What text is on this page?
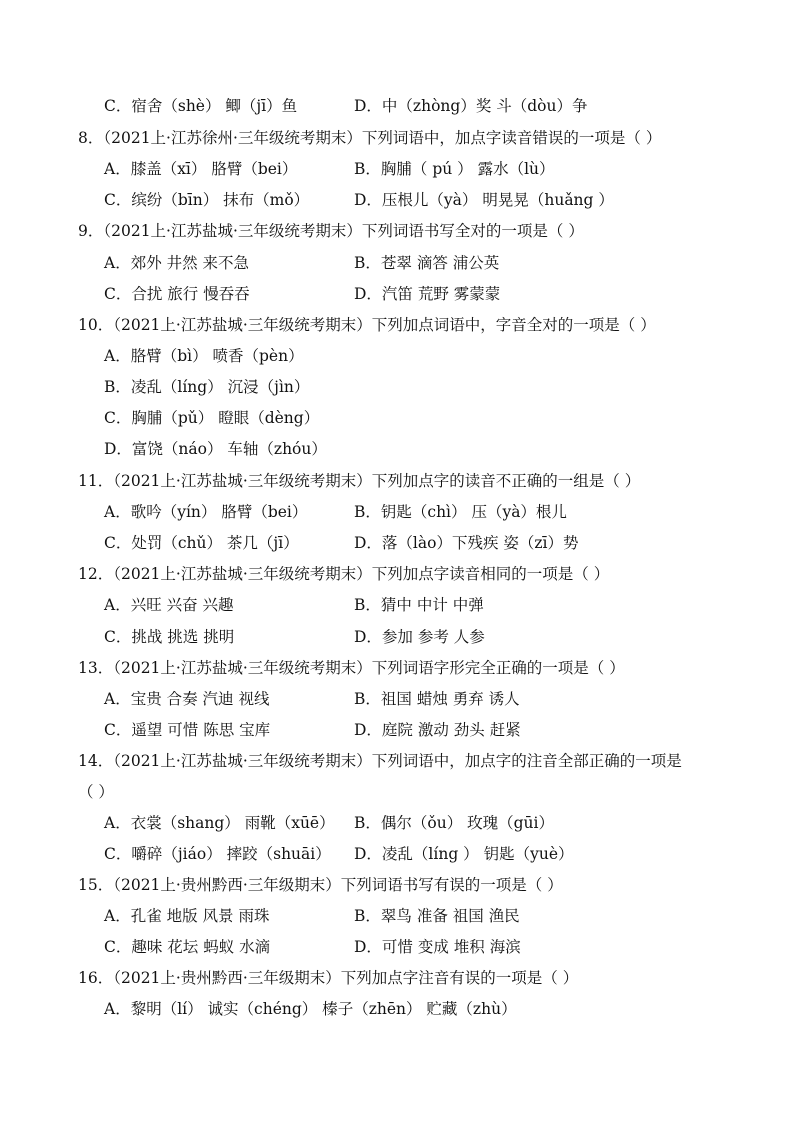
C．宿舍（shè） 鲫（jī）鱼	D．中（zhòng）奖 斗（dòu）争
8．（2021上·江苏徐州·三年级统考期末）下列词语中，加点字读音错误的一项是（ ）
A．膝盖（xī） 胳臂（bei）	B．胸脯（ pú ） 露水（lù）
C．缤纷（bīn） 抹布（mǒ）	D．压根儿（yà） 明晃晃（huǎng ）
9．（2021上·江苏盐城·三年级统考期末）下列词语书写全对的一项是（ ）
A．郊外 井然 来不急	B．苍翠 滴答 浦公英
C．合扰 旅行 慢吞吞	D．汽笛 荒野 雾蒙蒙
10．（2021上·江苏盐城·三年级统考期末）下列加点词语中，字音全对的一项是（ ）
A．胳臂（bì） 喷香（pèn）
B．凌乱（líng） 沉浸（jìn）
C．胸脯（pǔ） 瞪眼（dèng）
D．富饶（náo） 车轴（zhóu）
11．（2021上·江苏盐城·三年级统考期末）下列加点字的读音不正确的一组是（ ）
A．歌吟（yín） 胳臂（bei）	B．钥匙（chì） 压（yà）根儿
C．处罚（chǔ） 茶几（jī）	D．落（lào）下残疾 姿（zī）势
12．（2021上·江苏盐城·三年级统考期末）下列加点字读音相同的一项是（ ）
A．兴旺 兴奋 兴趣	B．猜中 中计 中弹
C．挑战 挑选 挑明	D．参加 参考 人参
13．（2021上·江苏盐城·三年级统考期末）下列词语字形完全正确的一项是（ ）
A．宝贵 合奏 汽迪 视线	B．祖国 蜡烛 勇弃 诱人
C．遥望 可惜 陈思 宝库	D．庭院 激动 劲头 赶紧
14．（2021上·江苏盐城·三年级统考期末）下列词语中，加点字的注音全部正确的一项是
（ ）
A．衣裳（shang） 雨靴（xūē） B．偶尔（ǒu） 玫瑰（gūi）
C．嚼碎（jiáo） 摔跤（shuāi） D．凌乱（líng ） 钥匙（yuè）
15．（2021上·贵州黔西·三年级期末）下列词语书写有误的一项是（ ）
A．孔雀 地版 风景 雨珠	B．翠鸟 准备 祖国 渔民
C．趣味 花坛 蚂蚁 水滴	D．可惜 变成 堆积 海滨
16．（2021上·贵州黔西·三年级期末）下列加点字注音有误的一项是（ ）
A．黎明（lí） 诚实（chéng） 榛子（zhēn） 贮藏（zhù）
